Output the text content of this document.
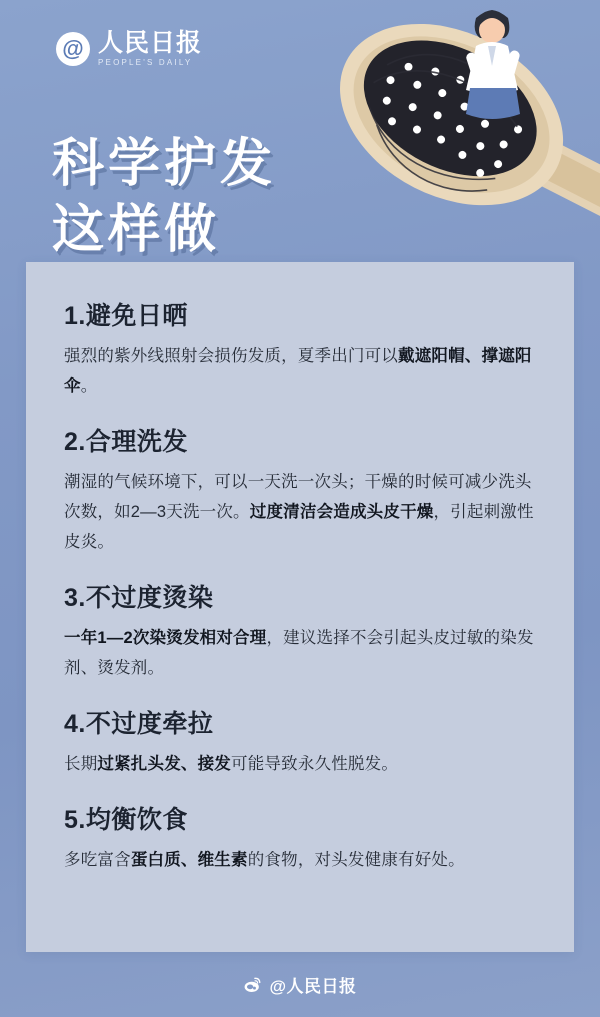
@ 人民日报
PEOPLE'S DAILY
科学护发
这样做
1.避免日晒

强烈的紫外线照射会损伤发质，夏季出门可以戴遮阳帽、撑遮阳伞。

2.合理洗发

潮湿的气候环境下，可以一天洗一次头；干燥的时候可减少洗头次数，如2—3天洗一次。过度清洁会造成头皮干燥，引起刺激性皮炎。

3.不过度烫染

一年1—2次染烫发相对合理，建议选择不会引起头皮过敏的染发剂、烫发剂。

4.不过度牵拉

长期过紧扎头发、接发可能导致永久性脱发。

5.均衡饮食

多吃富含蛋白质、维生素的食物，对头发健康有好处。

@人民日报
